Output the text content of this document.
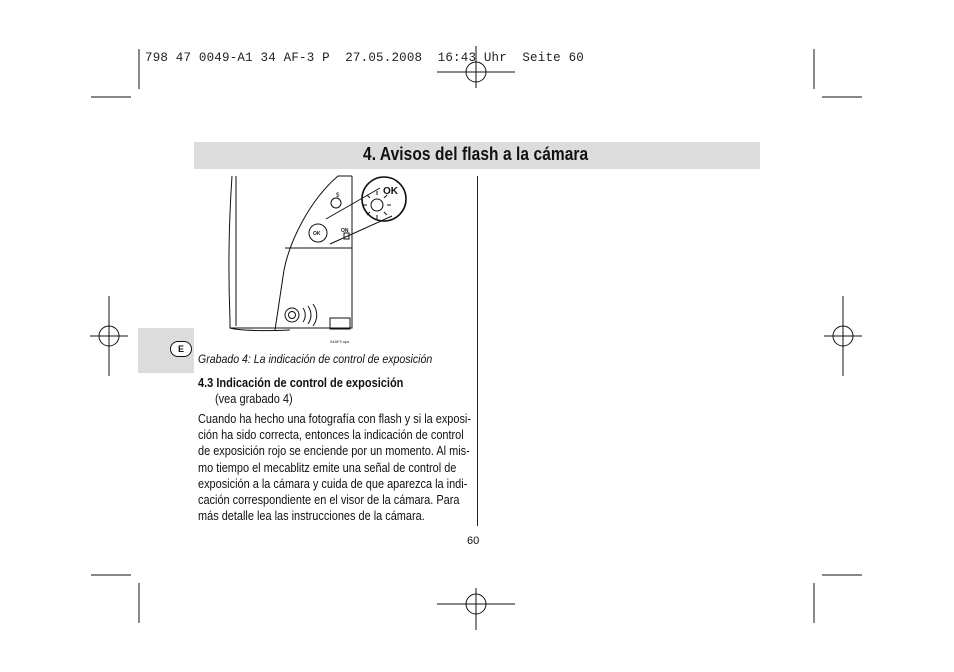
798 47 0049-A1 34 AF-3 P  27.05.2008  16:43 Uhr  Seite 60
4. Avisos del flash a la cámara
E
OK
OK	ON
$
04AF3 ups
Grabado 4: La indicación de control de exposición
4.3 Indicación de control de exposición
(vea grabado 4)
Cuando ha hecho una fotografía con flash y si la exposi-
ción ha sido correcta, entonces la indicación de control
de exposición rojo se enciende por un momento. Al mis-
mo tiempo el mecablitz emite una señal de control de
exposición a la cámara y cuida de que aparezca la indi-
cación correspondiente en el visor de la cámara. Para
más detalle lea las instrucciones de la cámara.
60
